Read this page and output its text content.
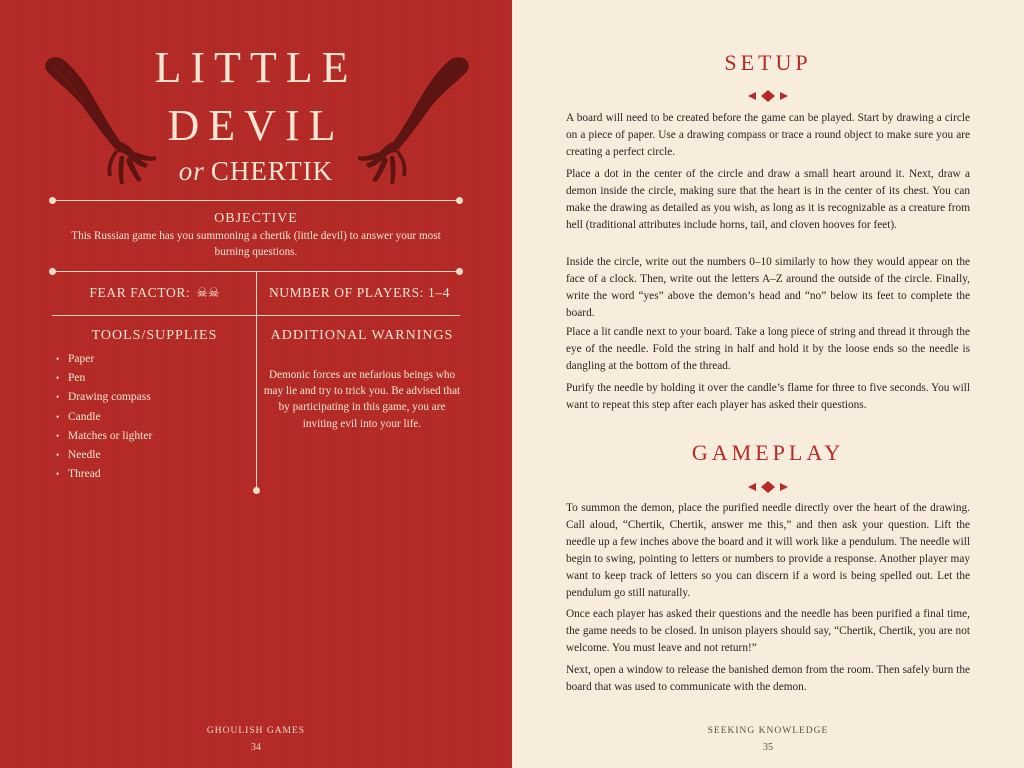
LITTLE
DEVIL
or CHERTIK
OBJECTIVE
This Russian game has you summoning a chertik (little devil) to answer your most burning questions.
FEAR FACTOR: ☠☠	NUMBER OF PLAYERS: 1–4
TOOLS/SUPPLIES
• Paper
• Pen
• Drawing compass
• Candle
• Matches or lighter
• Needle
• Thread
ADDITIONAL WARNINGS
Demonic forces are nefarious beings who may lie and try to trick you. Be advised that by participating in this game, you are inviting evil into your life.
GHOULISH GAMES
34
SETUP

A board will need to be created before the game can be played. Start by drawing a circle on a piece of paper. Use a drawing compass or trace a round object to make sure you are creating a perfect circle.

Place a dot in the center of the circle and draw a small heart around it. Next, draw a demon inside the circle, making sure that the heart is in the center of its chest. You can make the drawing as detailed as you wish, as long as it is recognizable as a creature from hell (traditional attributes include horns, tail, and cloven hooves for feet).

Inside the circle, write out the numbers 0–10 similarly to how they would appear on the face of a clock. Then, write out the letters A–Z around the outside of the circle. Finally, write the word “yes” above the demon’s head and “no” below its feet to complete the board.

Place a lit candle next to your board. Take a long piece of string and thread it through the eye of the needle. Fold the string in half and hold it by the loose ends so the needle is dangling at the bottom of the thread.

Purify the needle by holding it over the candle’s flame for three to five seconds. You will want to repeat this step after each player has asked their questions.

GAMEPLAY

To summon the demon, place the purified needle directly over the heart of the drawing. Call aloud, “Chertik, Chertik, answer me this,” and then ask your question. Lift the needle up a few inches above the board and it will work like a pendulum. The needle will begin to swing, pointing to letters or numbers to provide a response. Another player may want to keep track of letters so you can discern if a word is being spelled out. Let the pendulum go still naturally.

Once each player has asked their questions and the needle has been purified a final time, the game needs to be closed. In unison players should say, “Chertik, Chertik, you are not welcome. You must leave and not return!”

Next, open a window to release the banished demon from the room. Then safely burn the board that was used to communicate with the demon.

SEEKING KNOWLEDGE
35
